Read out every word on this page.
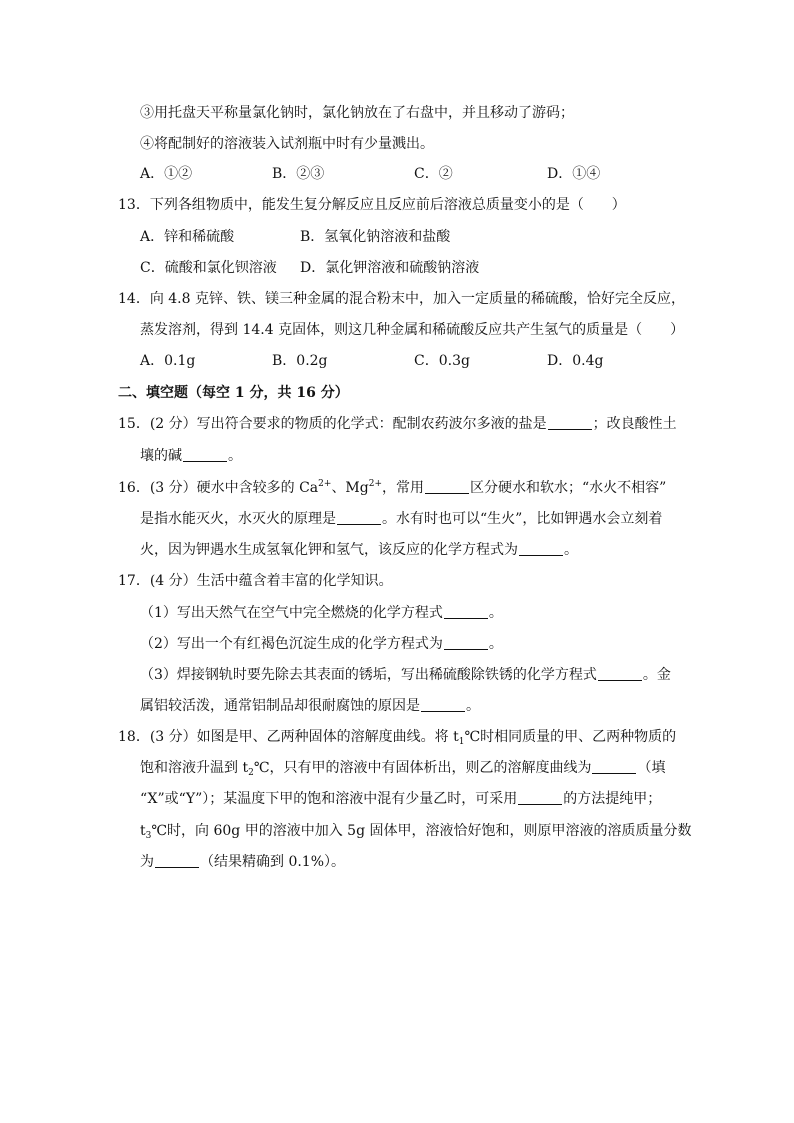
③用托盘天平称量氯化钠时，氯化钠放在了右盘中，并且移动了游码；
④将配制好的溶液装入试剂瓶中时有少量溅出。
A．①②	B．②③	C．②	D．①④
13．下列各组物质中，能发生复分解反应且反应前后溶液总质量变小的是（　　）
A．锌和稀硫酸	B．氢氧化钠溶液和盐酸
C．硫酸和氯化钡溶液 D．氯化钾溶液和硫酸钠溶液
14．向 4.8 克锌、铁、镁三种金属的混合粉末中，加入一定质量的稀硫酸，恰好完全反应，
蒸发溶剂，得到 14.4 克固体，则这几种金属和稀硫酸反应共产生氢气的质量是（　　）
A．0.1g	B．0.2g	C．0.3g	D．0.4g
二、填空题（每空 1 分，共 16 分）
15．(2 分）写出符合要求的物质的化学式：配制农药波尔多液的盐是	；改良酸性土
壤的碱	。
16．(3 分）硬水中含较多的 $Ca^{2+}$、$Mg^{2+}$，常用	区分硬水和软水；“水火不相容”
是指水能灭火，水灭火的原理是	。水有时也可以“生火”，比如钾遇水会立刻着
火，因为钾遇水生成氢氧化钾和氢气，该反应的化学方程式为	。
17．(4 分）生活中蕴含着丰富的化学知识。
（1）写出天然气在空气中完全燃烧的化学方程式	。
（2）写出一个有红褐色沉淀生成的化学方程式为	。
（3）焊接钢轨时要先除去其表面的锈垢，写出稀硫酸除铁锈的化学方程式	。金
属铝较活泼，通常铝制品却很耐腐蚀的原因是	。
18．(3 分）如图是甲、乙两种固体的溶解度曲线。将 $t_1℃$时相同质量的甲、乙两种物质的
饱和溶液升温到 $t_2℃$，只有甲的溶液中有固体析出，则乙的溶解度曲线为	（填
“X”或“Y”）；某温度下甲的饱和溶液中混有少量乙时，可采用	的方法提纯甲；
$t_3℃$时，向 60g 甲的溶液中加入 5g 固体甲，溶液恰好饱和，则原甲溶液的溶质质量分数
为	（结果精确到 0.1%）。
